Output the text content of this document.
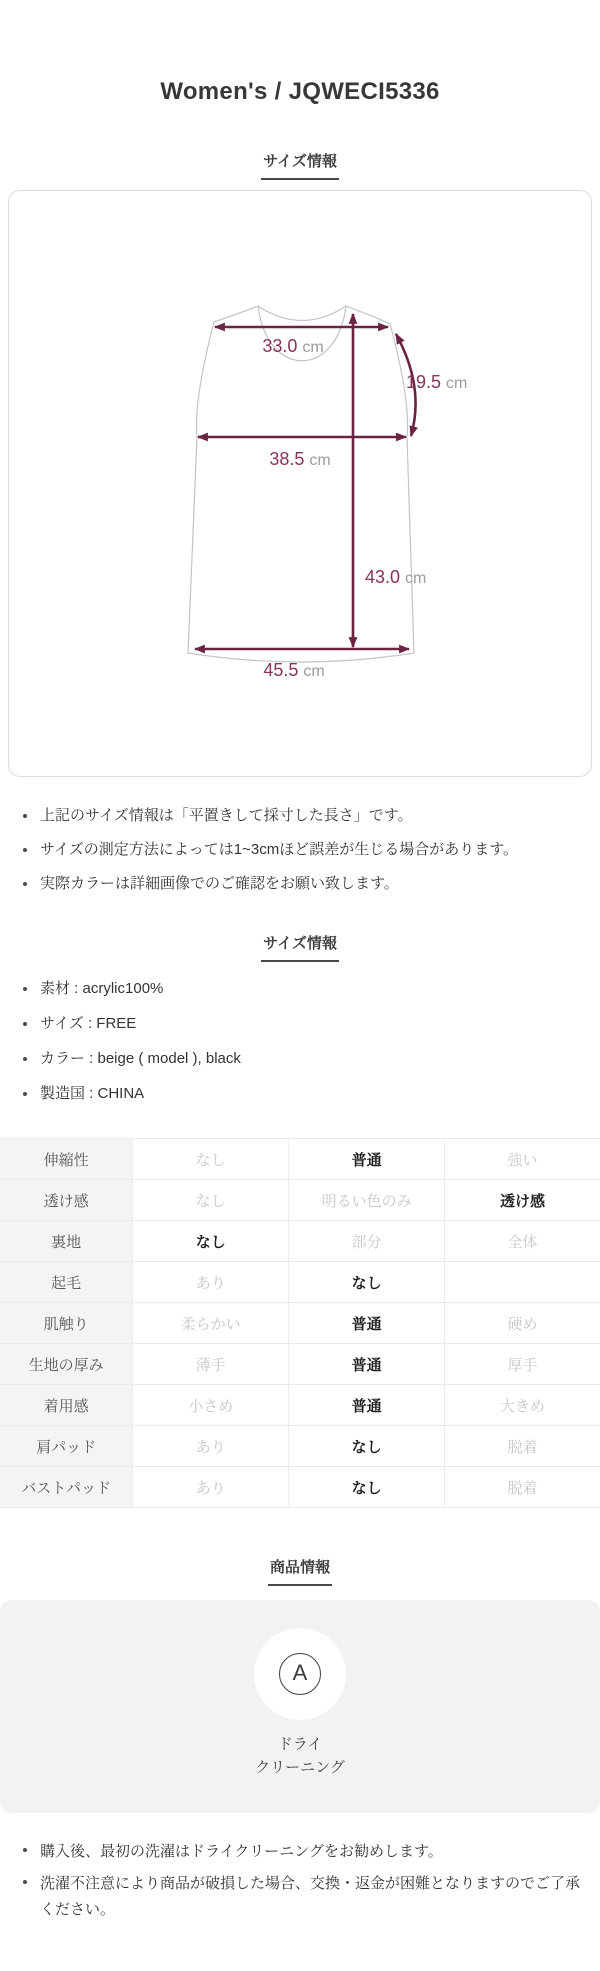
Women's / JQWECI5336
サイズ情報
33.0 cm
19.5 cm
38.5 cm
43.0 cm
45.5 cm
上記のサイズ情報は「平置きして採寸した長さ」です。
サイズの測定方法によっては1~3cmほど誤差が生じる場合があります。
実際カラーは詳細画像でのご確認をお願い致します。
サイズ情報
素材 : acrylic100%
サイズ : FREE
カラー : beige ( model ), black
製造国 : CHINA
伸縮性	なし	普通	強い
透け感	なし	明るい色のみ	透け感
裏地	なし	部分	全体
起毛	あり	なし	
肌触り	柔らかい	普通	硬め
生地の厚み	薄手	普通	厚手
着用感	小さめ	普通	大きめ
肩パッド	あり	なし	脱着
バストパッド	あり	なし	脱着
商品情報
A
ドライ
クリーニング
購入後、最初の洗濯はドライクリーニングをお勧めします。
洗濯不注意により商品が破損した場合、交換・返金が困難となりますのでご了承ください。
